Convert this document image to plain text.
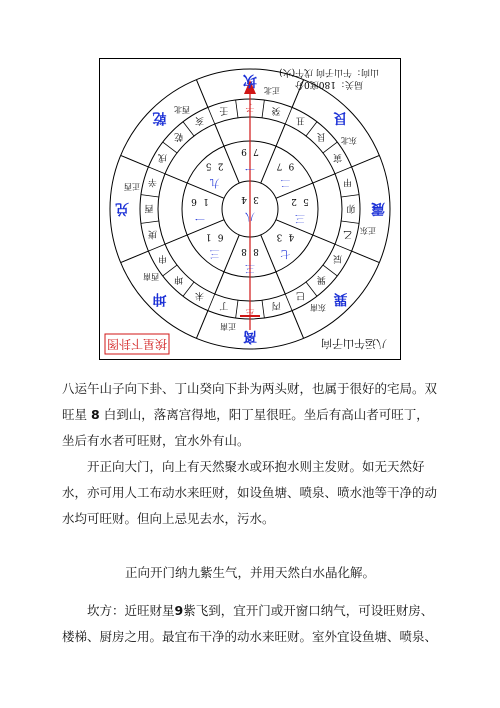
坎
艮
震
巽
离
坤
兑
乾
正北
东北
正东
东南
正南
西南
正西
西北	壬 子 癸
丑
艮
寅
甲
卯
乙
辰
巽
巳
丙
午
丁
未
坤
申
庚
酉
辛
戌
乾
亥
一
7
9
二
9
7
三
5
2
七
4
3
三
8
8
三
6
1
一
1
6
九
2
5
八
3
4
山向：午山子向 戊午(火)
局关：180度0分
八运午山子向
挨星下卦图

八运午山子向下卦、丁山癸向下卦为两头财，也属于很好的宅局。双旺星 8 白到山，落离宫得地，阳丁星很旺。坐后有高山者可旺丁，坐后有水者可旺财，宜水外有山。

开正向大门，向上有天然聚水或环抱水则主发财。如无天然好水，亦可用人工布动水来旺财，如设鱼塘、喷泉、喷水池等干净的动水均可旺财。但向上忌见去水，污水。

正向开门纳九紫生气，并用天然白水晶化解。

坎方：近旺财星9紫飞到，宜开门或开窗口纳气，可设旺财房、楼梯、厨房之用。最宜布干净的动水来旺财。室外宜设鱼塘、喷泉、
